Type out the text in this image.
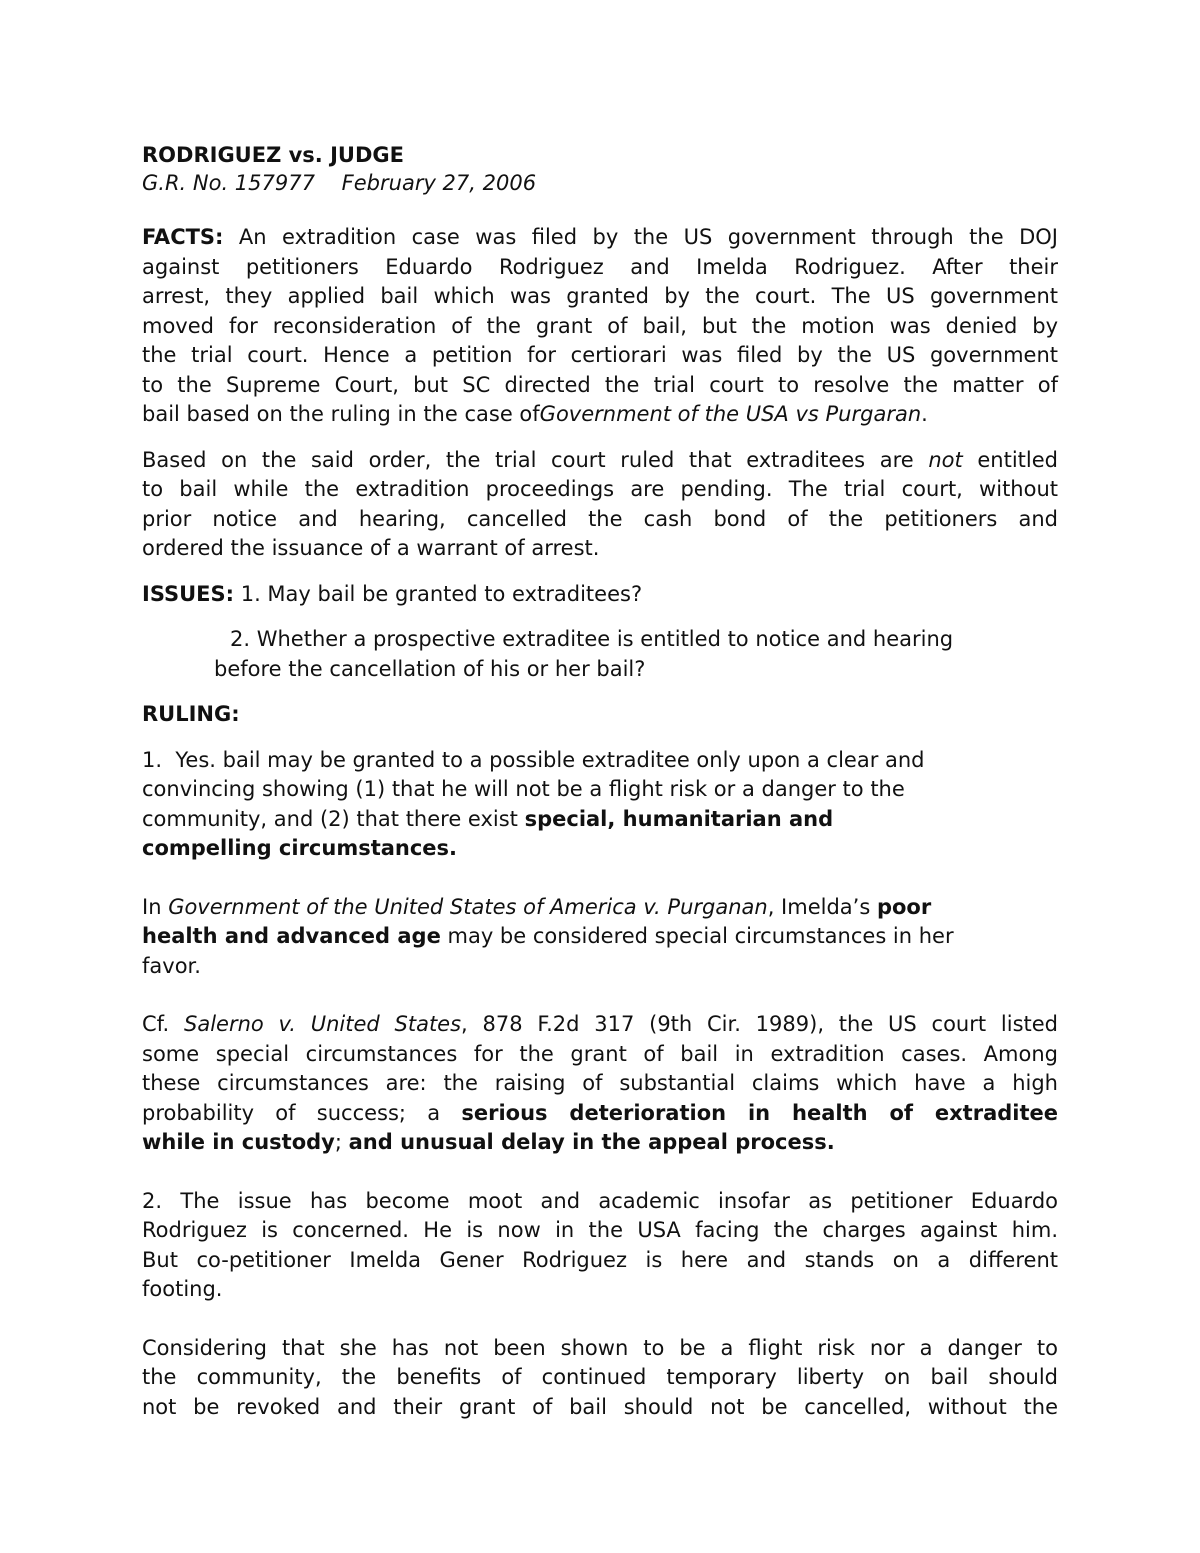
RODRIGUEZ vs. JUDGE
G.R. No. 157977 February 27, 2006
FACTS: An extradition case was filed by the US government through the DOJ
against petitioners Eduardo Rodriguez and Imelda Rodriguez. After their
arrest, they applied bail which was granted by the court. The US government
moved for reconsideration of the grant of bail, but the motion was denied by
the trial court. Hence a petition for certiorari was filed by the US government
to the Supreme Court, but SC directed the trial court to resolve the matter of
bail based on the ruling in the case ofGovernment of the USA vs Purgaran.
Based on the said order, the trial court ruled that extraditees are not entitled
to bail while the extradition proceedings are pending. The trial court, without
prior notice and hearing, cancelled the cash bond of the petitioners and
ordered the issuance of a warrant of arrest.
ISSUES: 1. May bail be granted to extraditees?
2. Whether a prospective extraditee is entitled to notice and hearing
before the cancellation of his or her bail?
RULING:
1.  Yes. bail may be granted to a possible extraditee only upon a clear and
convincing showing (1) that he will not be a flight risk or a danger to the
community, and (2) that there exist special, humanitarian and
compelling circumstances.
In Government of the United States of America v. Purganan, Imelda’s poor
health and advanced age may be considered special circumstances in her
favor.
Cf. Salerno v. United States, 878 F.2d 317 (9th Cir. 1989), the US court listed
some special circumstances for the grant of bail in extradition cases. Among
these circumstances are: the raising of substantial claims which have a high
probability of success; a serious deterioration in health of extraditee
while in custody; and unusual delay in the appeal process.
2. The issue has become moot and academic insofar as petitioner Eduardo
Rodriguez is concerned. He is now in the USA facing the charges against him.
But co-petitioner Imelda Gener Rodriguez is here and stands on a different
footing.
Considering that she has not been shown to be a flight risk nor a danger to
the community, the benefits of continued temporary liberty on bail should
not be revoked and their grant of bail should not be cancelled, without the
